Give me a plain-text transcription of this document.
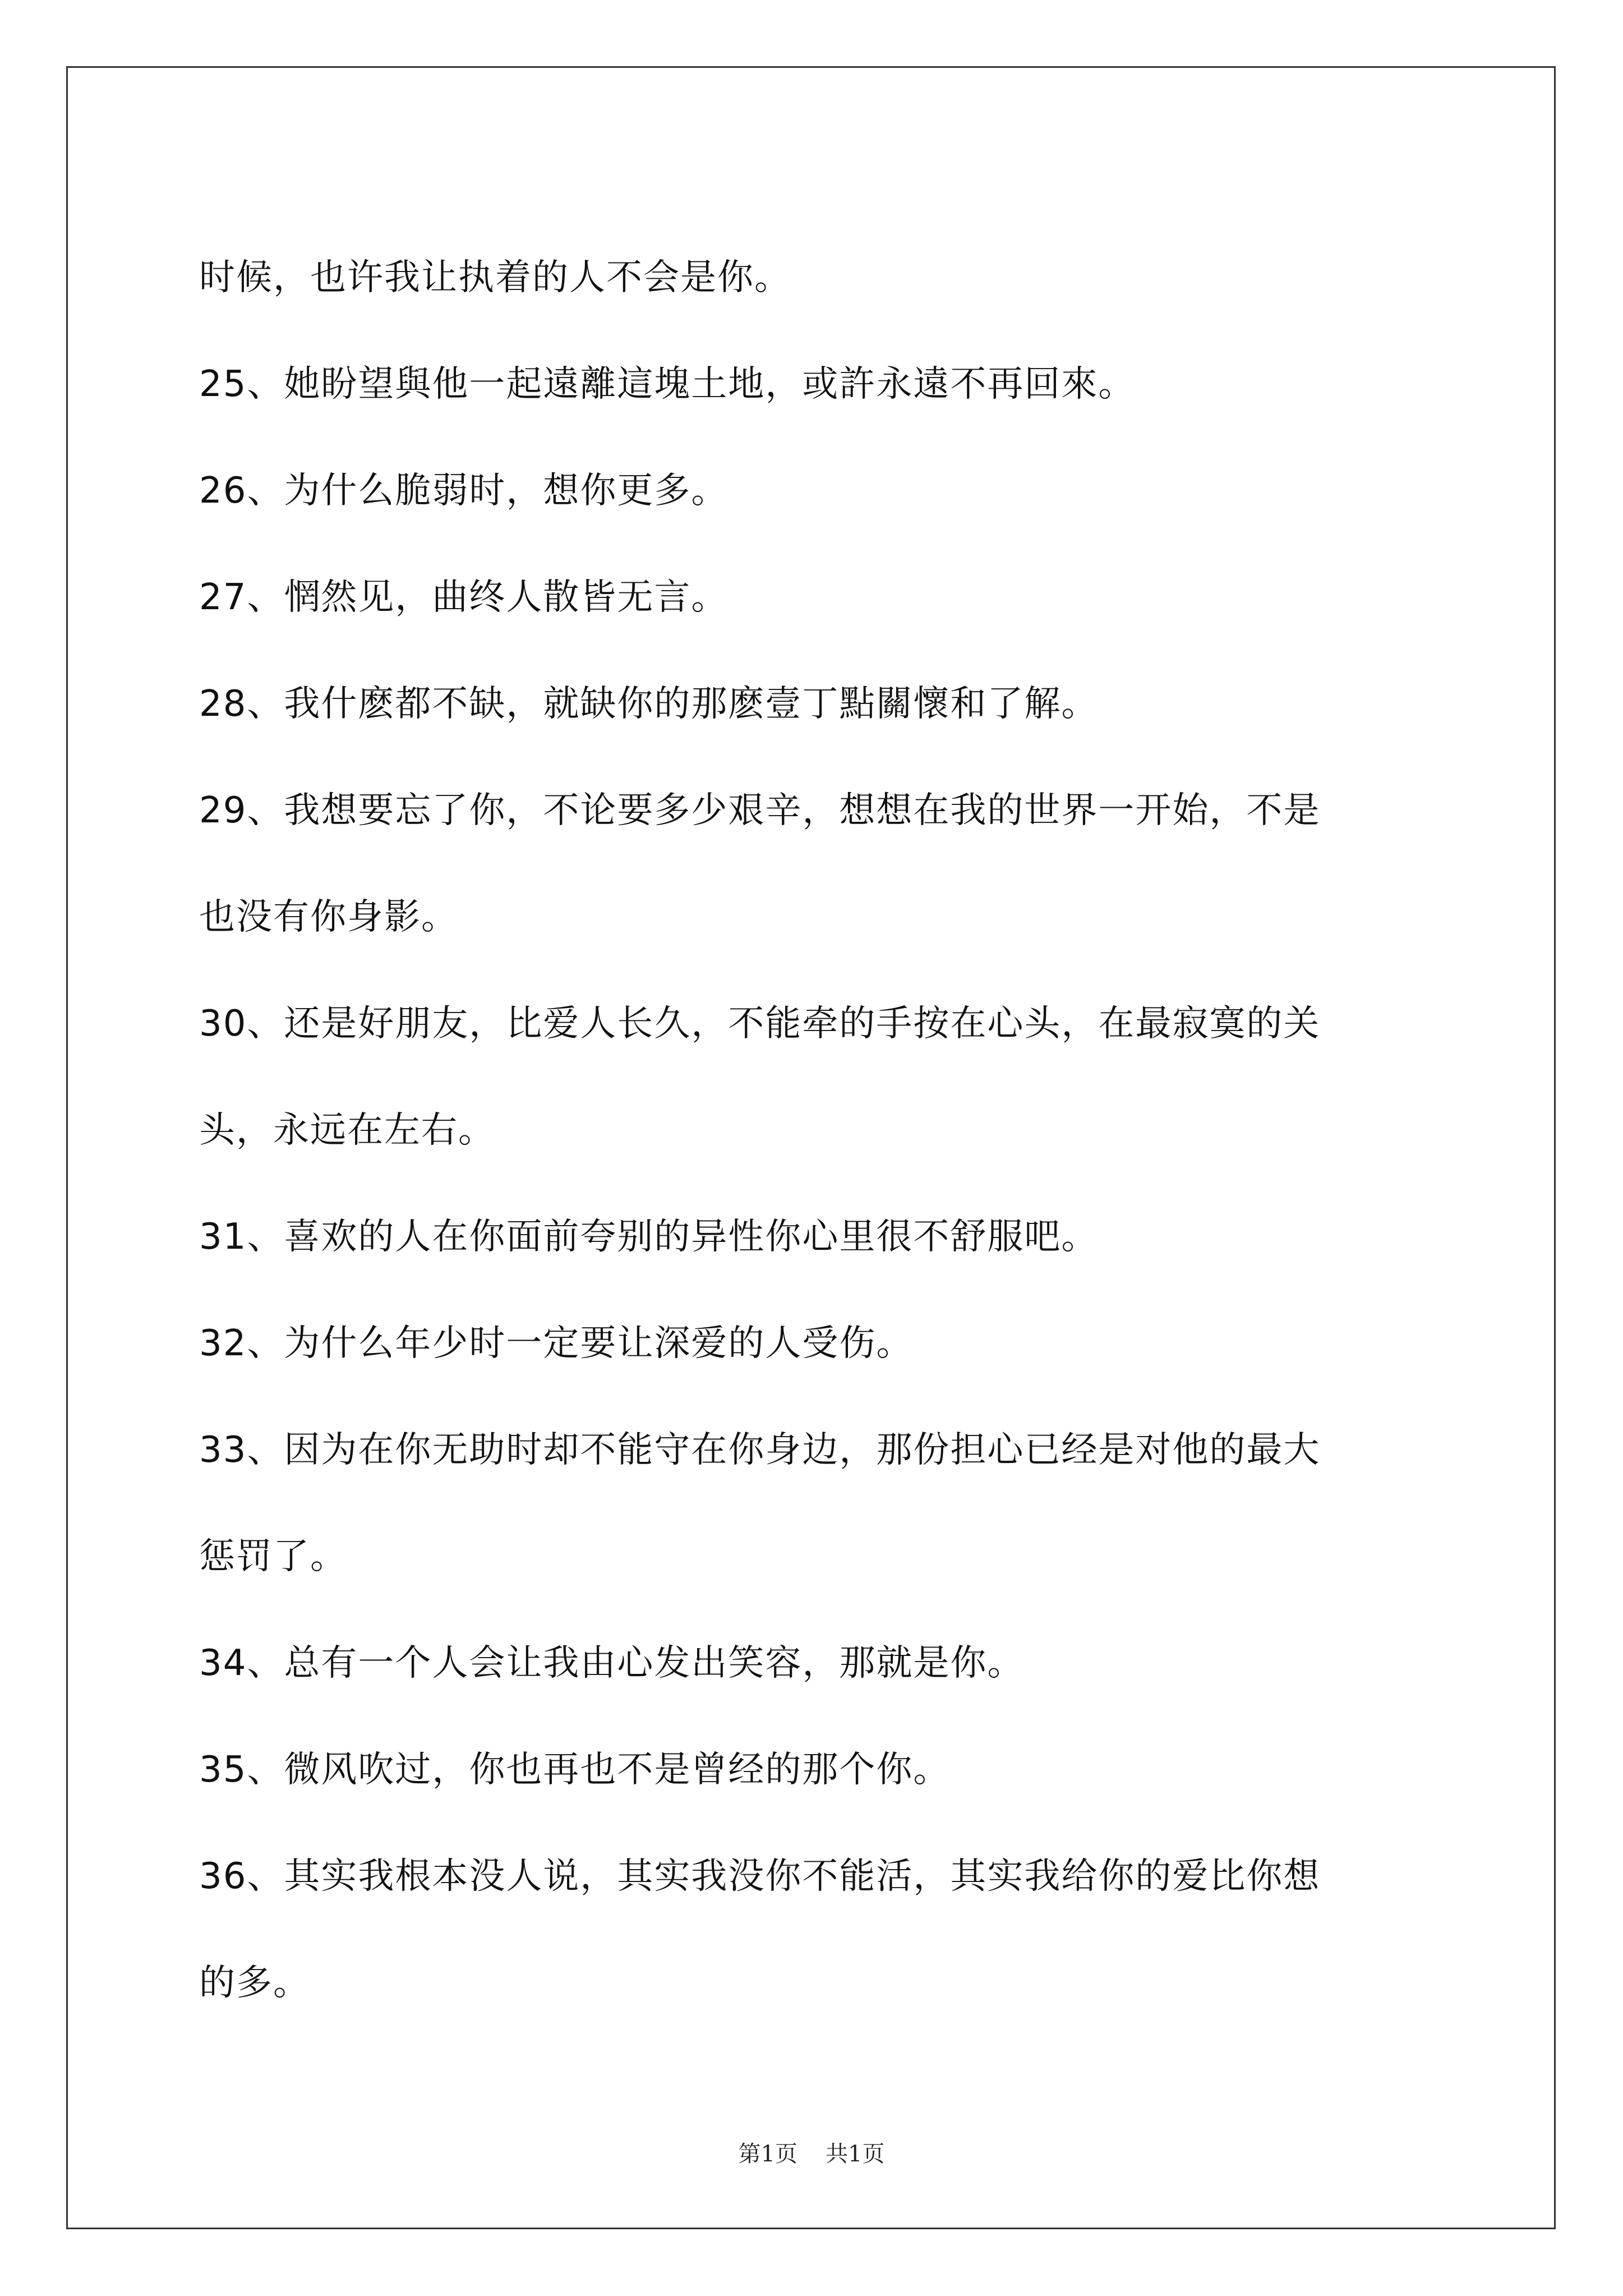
时候，也许我让执着的人不会是你。
25、她盼望與他一起遠離這塊土地，或許永遠不再回來。
26、为什么脆弱时，想你更多。
27、惘然见，曲终人散皆无言。
28、我什麽都不缺，就缺你的那麽壹丁點關懷和了解。
29、我想要忘了你，不论要多少艰辛，想想在我的世界一开始，不是
也没有你身影。
30、还是好朋友，比爱人长久，不能牵的手按在心头，在最寂寞的关
头，永远在左右。
31、喜欢的人在你面前夸别的异性你心里很不舒服吧。
32、为什么年少时一定要让深爱的人受伤。
33、因为在你无助时却不能守在你身边，那份担心已经是对他的最大
惩罚了。
34、总有一个人会让我由心发出笑容，那就是你。
35、微风吹过，你也再也不是曾经的那个你。
36、其实我根本没人说，其实我没你不能活，其实我给你的爱比你想
的多。
第1页 共1页
